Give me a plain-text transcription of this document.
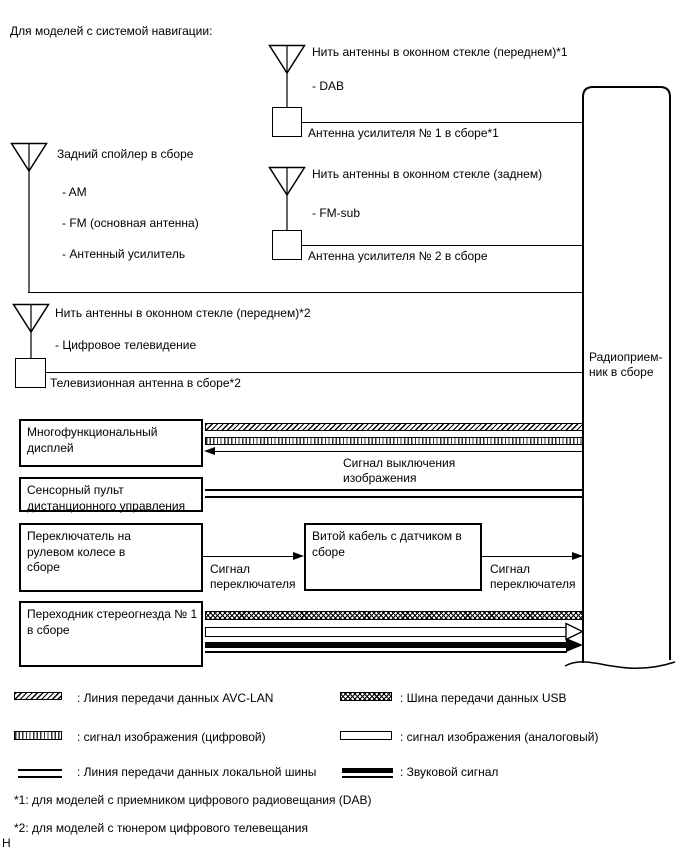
Для моделей с системой навигации:
Нить антенны в оконном стекле (переднем)*1
- DAB
Антенна усилителя № 1 в сборе*1
Нить антенны в оконном стекле (заднем)
- FM-sub
Антенна усилителя № 2 в сборе
Задний спойлер в сборе
- AM
- FM (основная антенна)
- Антенный усилитель
Нить антенны в оконном стекле (переднем)*2
- Цифровое телевидение
Телевизионная антенна в сборе*2
Радиоприем-
ник в сборе
Многофункциональный дисплей
Сигнал выключения изображения
Сенсорный пульт дистанционного управления
Переключатель на рулевом колесе в сборе	Сигнал переключателя
Витой кабель с датчиком в сборе
Сигнал переключателя
Переходник стереогнезда № 1 в сборе
: Линия передачи данных AVC-LAN	: Шина передачи данных USB
: сигнал изображения (цифровой)	: сигнал изображения (аналоговый)
: Линия передачи данных локальной шины	: Звуковой сигнал
*1: для моделей с приемником цифрового радиовещания (DAB)
*2: для моделей с тюнером цифрового телевещания
Н
